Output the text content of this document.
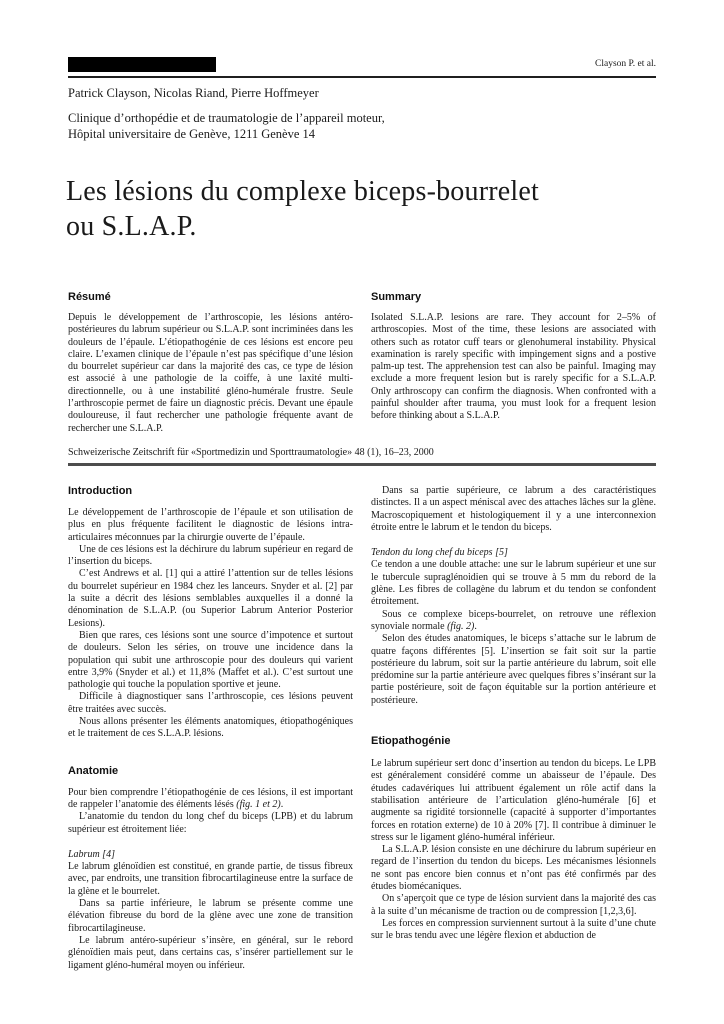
Clayson P. et al.
Patrick Clayson, Nicolas Riand, Pierre Hoffmeyer
Clinique d’orthopédie et de traumatologie de l’appareil moteur,
Hôpital universitaire de Genève, 1211 Genève 14
Les lésions du complexe biceps-bourrelet
ou S.L.A.P.
Résumé
Depuis le développement de l’arthroscopie, les lésions antéro-postérieures du labrum supérieur ou S.L.A.P. sont incriminées dans les douleurs de l’épaule. L’étiopathogénie de ces lésions est encore peu claire. L’examen clinique de l’épaule n’est pas spécifique d’une lésion du bourrelet supérieur car dans la majorité des cas, ce type de lésion est associé à une pathologie de la coiffe, à une laxité multi-directionnelle, ou à une instabilité gléno-humérale frustre. Seule l’arthroscopie permet de faire un diagnostic précis. Devant une épaule douloureuse, il faut rechercher une pathologie fréquente avant de rechercher une S.L.A.P.
Summary
Isolated S.L.A.P. lesions are rare. They account for 2–5% of arthroscopies. Most of the time, these lesions are associated with others such as rotator cuff tears or glenohumeral instability. Physical examination is rarely specific with impingement signs and a postive palm-up test. The apprehension test can also be painful. Imaging may exclude a more frequent lesion but is rarely specific for a S.L.A.P. Only arthroscopy can confirm the diagnosis. When confronted with a painful shoulder after trauma, you must look for a frequent lesion before thinking about a S.L.A.P.
Schweizerische Zeitschrift für «Sportmedizin und Sporttraumatologie» 48 (1), 16–23, 2000
Introduction

Le développement de l’arthroscopie de l’épaule et son utilisation de plus en plus fréquente facilitent le diagnostic de lésions intra-articulaires méconnues par la chirurgie ouverte de l’épaule.

Une de ces lésions est la déchirure du labrum supérieur en regard de l’insertion du biceps.

C’est Andrews et al. [1] qui a attiré l’attention sur de telles lésions du bourrelet supérieur en 1984 chez les lanceurs. Snyder et al. [2] par la suite a décrit des lésions semblables auxquelles il a donné la dénomination de S.L.A.P. (ou Superior Labrum Anterior Posterior Lesions).

Bien que rares, ces lésions sont une source d’impotence et surtout de douleurs. Selon les séries, on trouve une incidence dans la population qui subit une arthroscopie pour des douleurs qui varient entre 3,9% (Snyder et al.) et 11,8% (Maffet et al.). C’est surtout une pathologie qui touche la population sportive et jeune.

Difficile à diagnostiquer sans l’arthroscopie, ces lésions peuvent être traitées avec succès.

Nous allons présenter les éléments anatomiques, étiopathogéniques et le traitement de ces S.L.A.P. lésions.

Anatomie

Pour bien comprendre l’étiopathogénie de ces lésions, il est important de rappeler l’anatomie des éléments lésés (fig. 1 et 2).

L’anatomie du tendon du long chef du biceps (LPB) et du labrum supérieur est étroitement liée:

Labrum [4]

Le labrum glénoïdien est constitué, en grande partie, de tissus fibreux avec, par endroits, une transition fibrocartilagineuse entre la surface de la glène et le bourrelet.

Dans sa partie inférieure, le labrum se présente comme une élévation fibreuse du bord de la glène avec une zone de transition fibrocartilagineuse.

Le labrum antéro-supérieur s’insère, en général, sur le rebord glénoïdien mais peut, dans certains cas, s’insérer partiellement sur le ligament gléno-huméral moyen ou inférieur.

Dans sa partie supérieure, ce labrum a des caractéristiques distinctes. Il a un aspect méniscal avec des attaches lâches sur la glène. Macroscopiquement et histologiquement il y a une interconnexion étroite entre le labrum et le tendon du biceps.

Tendon du long chef du biceps [5]

Ce tendon a une double attache: une sur le labrum supérieur et une sur le tubercule supraglénoidien qui se trouve à 5 mm du rebord de la glène. Les fibres de collagène du labrum et du tendon se confondent étroitement.

Sous ce complexe biceps-bourrelet, on retrouve une réflexion synoviale normale (fig. 2).

Selon des études anatomiques, le biceps s’attache sur le labrum de quatre façons différentes [5]. L’insertion se fait soit sur la partie postérieure du labrum, soit sur la partie antérieure du labrum, soit elle prédomine sur la partie antérieure avec quelques fibres s’insérant sur la partie postérieure, soit de façon équitable sur la portion antérieure et postérieure.

Etiopathogénie

Le labrum supérieur sert donc d’insertion au tendon du biceps. Le LPB est généralement considéré comme un abaisseur de l’épaule. Des études cadavériques lui attribuent également un rôle actif dans la stabilisation antérieure de l’articulation gléno-humérale [6] et augmente sa rigidité torsionnelle (capacité à supporter d’importantes forces en rotation externe) de 10 à 20% [7]. Il contribue à diminuer le stress sur le ligament gléno-huméral inférieur.

La S.L.A.P. lésion consiste en une déchirure du labrum supérieur en regard de l’insertion du tendon du biceps. Les mécanismes lésionnels ne sont pas encore bien connus et n’ont pas été confirmés par des études biomécaniques.

On s’aperçoit que ce type de lésion survient dans la majorité des cas à la suite d’un mécanisme de traction ou de compression [1,2,3,6].

Les forces en compression surviennent surtout à la suite d’une chute sur le bras tendu avec une légère flexion et abduction de
